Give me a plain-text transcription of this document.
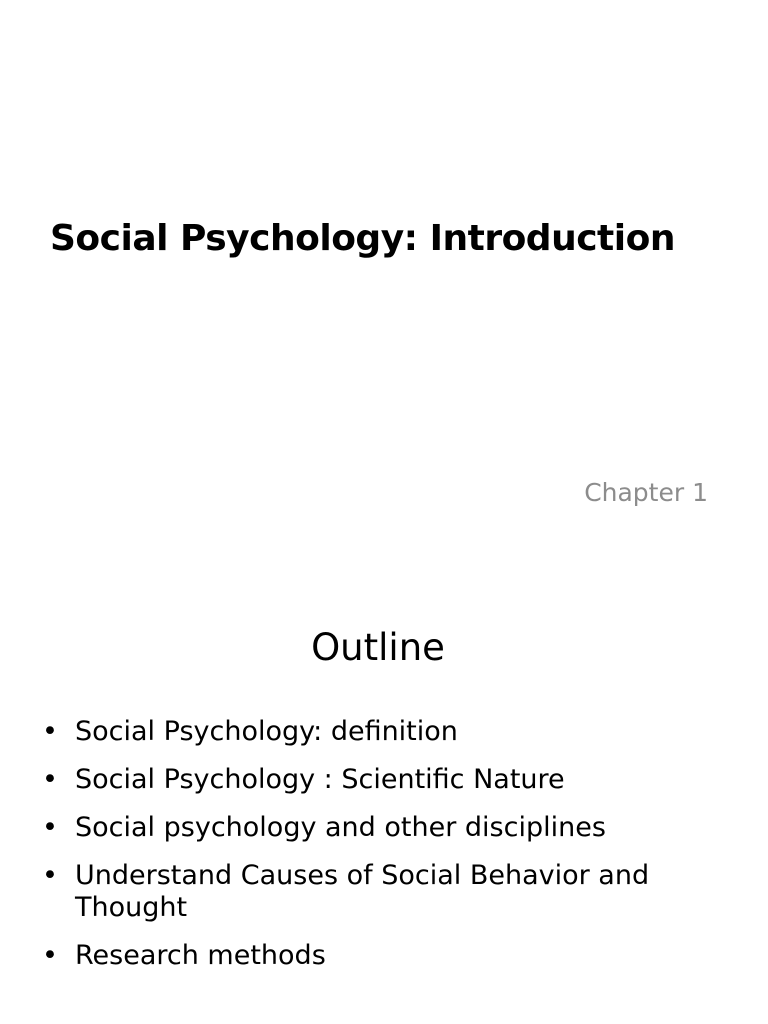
Social Psychology: Introduction
Chapter 1
Outline
• Social Psychology: definition
• Social Psychology : Scientific Nature
• Social psychology and other disciplines
• Understand Causes of Social Behavior and Thought
• Research methods
